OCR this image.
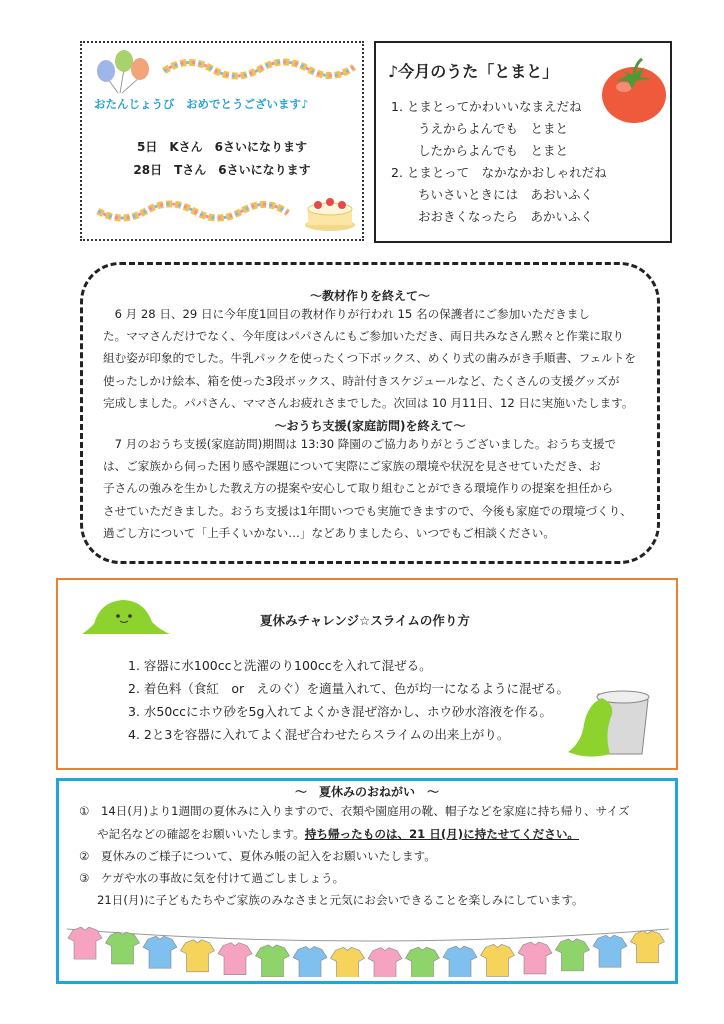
おたんじょうび　おめでとうございます♪
5日　Kさん　6さいになります
28日　Tさん　6さいになります
♪今月のうた「とまと」
1. とまとってかわいいなまえだね
うえからよんでも　とまと
したからよんでも　とまと
2. とまとって　なかなかおしゃれだね
ちいさいときには　あおいふく
おおきくなったら　あかいふく
～教材作りを終えて～
　6 月 28 日、29 日に今年度1回目の教材作りが行われ 15 名の保護者にご参加いただきまし
た。ママさんだけでなく、今年度はパパさんにもご参加いただき、両日共みなさん黙々と作業に取り
組む姿が印象的でした。牛乳パックを使ったくつ下ボックス、めくり式の歯みがき手順書、フェルトを
使ったしかけ絵本、箱を使った3段ボックス、時計付きスケジュールなど、たくさんの支援グッズが
完成しました。パパさん、ママさんお疲れさまでした。次回は 10 月11日、12 日に実施いたします。
～おうち支援(家庭訪問)を終えて～
　7 月のおうち支援(家庭訪問)期間は 13:30 降園のご協力ありがとうございました。おうち支援で
は、ご家族から伺った困り感や課題について実際にご家族の環境や状況を見させていただき、お
子さんの強みを生かした教え方の提案や安心して取り組むことができる環境作りの提案を担任から
させていただきました。おうち支援は1年間いつでも実施できますので、今後も家庭での環境づくり、
過ごし方について「上手くいかない…」などありましたら、いつでもご相談ください。
夏休みチャレンジ☆スライムの作り方
1. 容器に水100ccと洗濯のり100ccを入れて混ぜる。
2. 着色料（食紅　or　えのぐ）を適量入れて、色が均一になるように混ぜる。
3. 水50ccにホウ砂を5g入れてよくかき混ぜ溶かし、ホウ砂水溶液を作る。
4. 2と3を容器に入れてよく混ぜ合わせたらスライムの出来上がり。
～　夏休みのおねがい　～
①　14日(月)より1週間の夏休みに入りますので、衣類や園庭用の靴、帽子などを家庭に持ち帰り、サイズ
や記名などの確認をお願いいたします。持ち帰ったものは、21 日(月)に持たせてください。
②　夏休みのご様子について、夏休み帳の記入をお願いいたします。
③　ケガや水の事故に気を付けて過ごしましょう。
21日(月)に子どもたちやご家族のみなさまと元気にお会いできることを楽しみにしています。
